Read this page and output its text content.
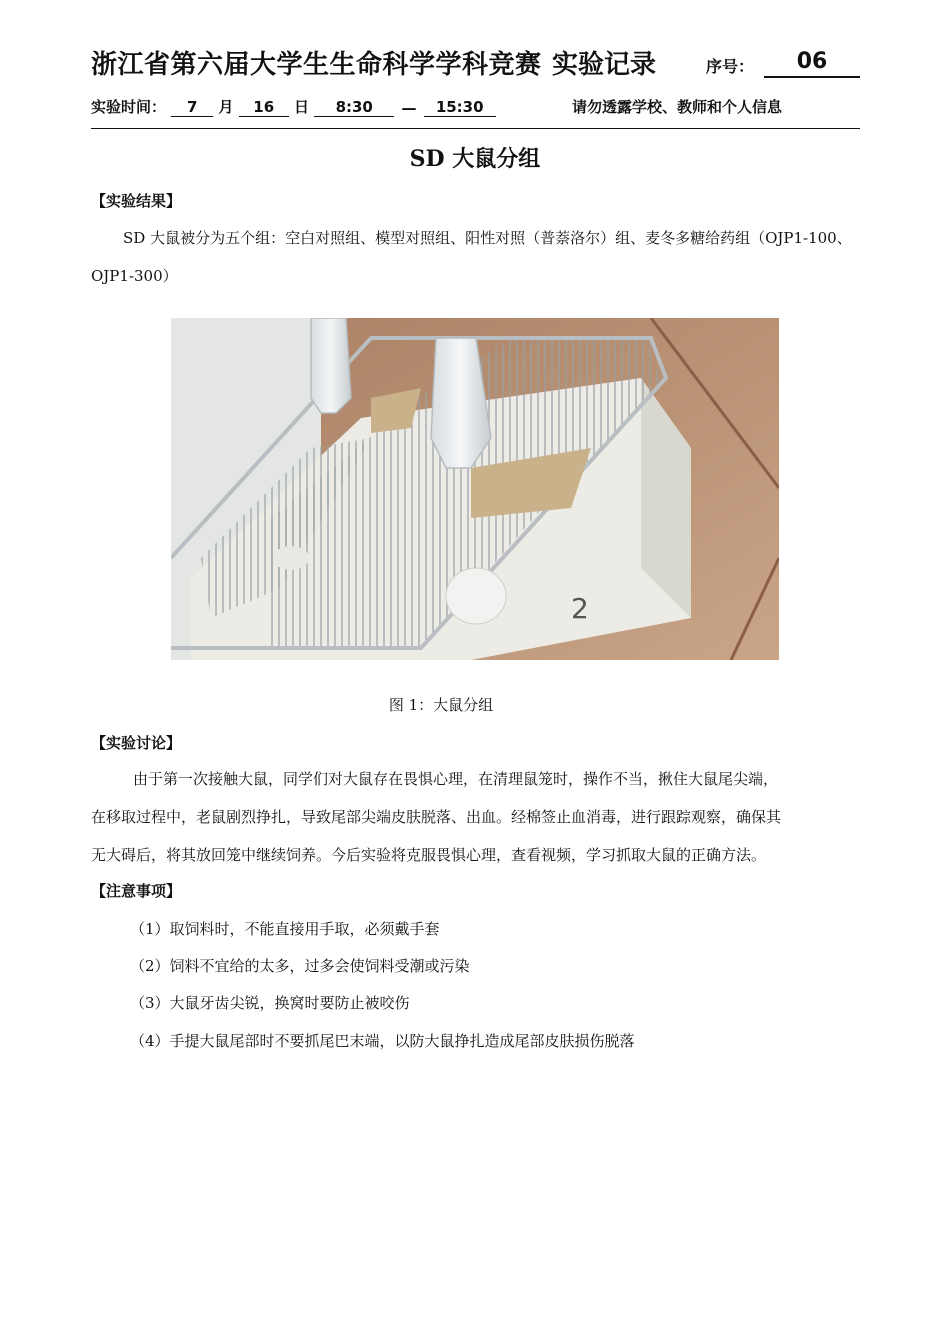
浙江省第六届大学生生命科学学科竞赛 实验记录	序号：	06
实验时间： 7 月 16 日 8:30 — 15:30	请勿透露学校、教师和个人信息
SD 大鼠分组
【实验结果】
SD 大鼠被分为五个组：空白对照组、模型对照组、阳性对照（普萘洛尔）组、麦冬多糖给药组（OJP1-100、
OJP1-300）
2
图 1：大鼠分组
【实验讨论】
由于第一次接触大鼠，同学们对大鼠存在畏惧心理，在清理鼠笼时，操作不当，揪住大鼠尾尖端，
在移取过程中，老鼠剧烈挣扎，导致尾部尖端皮肤脱落、出血。经棉签止血消毒，进行跟踪观察，确保其
无大碍后，将其放回笼中继续饲养。今后实验将克服畏惧心理，查看视频，学习抓取大鼠的正确方法。
【注意事项】
（1）取饲料时，不能直接用手取，必须戴手套
（2）饲料不宜给的太多，过多会使饲料受潮或污染
（3）大鼠牙齿尖锐，换窝时要防止被咬伤
（4）手提大鼠尾部时不要抓尾巴末端，以防大鼠挣扎造成尾部皮肤损伤脱落
